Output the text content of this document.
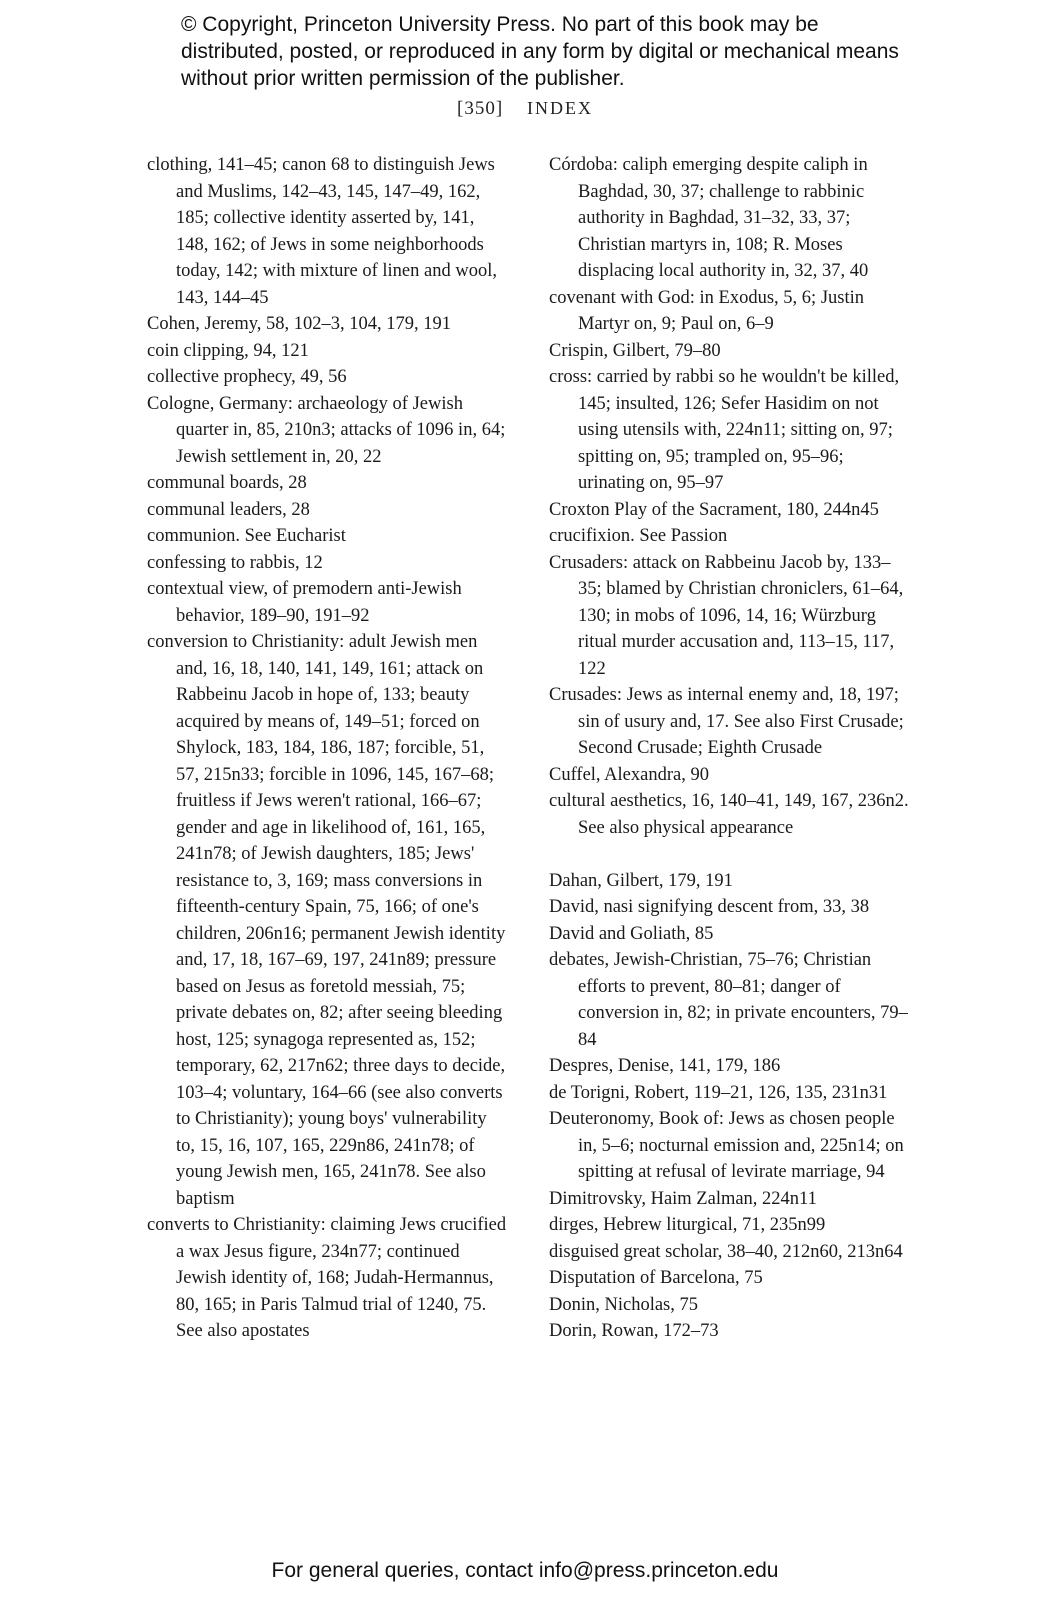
© Copyright, Princeton University Press. No part of this book may be distributed, posted, or reproduced in any form by digital or mechanical means without prior written permission of the publisher.
[350] INDEX

clothing, 141–45; canon 68 to distinguish Jews and Muslims, 142–43, 145, 147–49, 162, 185; collective identity asserted by, 141, 148, 162; of Jews in some neighborhoods today, 142; with mixture of linen and wool, 143, 144–45

Cohen, Jeremy, 58, 102–3, 104, 179, 191

coin clipping, 94, 121

collective prophecy, 49, 56

Cologne, Germany: archaeology of Jewish quarter in, 85, 210n3; attacks of 1096 in, 64; Jewish settlement in, 20, 22

communal boards, 28

communal leaders, 28

communion. See Eucharist

confessing to rabbis, 12

contextual view, of premodern anti-Jewish behavior, 189–90, 191–92

conversion to Christianity: adult Jewish men and, 16, 18, 140, 141, 149, 161; attack on Rabbeinu Jacob in hope of, 133; beauty acquired by means of, 149–51; forced on Shylock, 183, 184, 186, 187; forcible, 51, 57, 215n33; forcible in 1096, 145, 167–68; fruitless if Jews weren't rational, 166–67; gender and age in likelihood of, 161, 165, 241n78; of Jewish daughters, 185; Jews' resistance to, 3, 169; mass conversions in fifteenth-century Spain, 75, 166; of one's children, 206n16; permanent Jewish identity and, 17, 18, 167–69, 197, 241n89; pressure based on Jesus as foretold messiah, 75; private debates on, 82; after seeing bleeding host, 125; synagoga represented as, 152; temporary, 62, 217n62; three days to decide, 103–4; voluntary, 164–66 (see also converts to Christianity); young boys' vulnerability to, 15, 16, 107, 165, 229n86, 241n78; of young Jewish men, 165, 241n78. See also baptism

converts to Christianity: claiming Jews crucified a wax Jesus figure, 234n77; continued Jewish identity of, 168; Judah-Hermannus, 80, 165; in Paris Talmud trial of 1240, 75. See also apostates

Córdoba: caliph emerging despite caliph in Baghdad, 30, 37; challenge to rabbinic authority in Baghdad, 31–32, 33, 37; Christian martyrs in, 108; R. Moses displacing local authority in, 32, 37, 40

covenant with God: in Exodus, 5, 6; Justin Martyr on, 9; Paul on, 6–9

Crispin, Gilbert, 79–80

cross: carried by rabbi so he wouldn't be killed, 145; insulted, 126; Sefer Hasidim on not using utensils with, 224n11; sitting on, 97; spitting on, 95; trampled on, 95–96; urinating on, 95–97

Croxton Play of the Sacrament, 180, 244n45

crucifixion. See Passion

Crusaders: attack on Rabbeinu Jacob by, 133–35; blamed by Christian chroniclers, 61–64, 130; in mobs of 1096, 14, 16; Würzburg ritual murder accusation and, 113–15, 117, 122

Crusades: Jews as internal enemy and, 18, 197; sin of usury and, 17. See also First Crusade; Second Crusade; Eighth Crusade

Cuffel, Alexandra, 90

cultural aesthetics, 16, 140–41, 149, 167, 236n2. See also physical appearance

Dahan, Gilbert, 179, 191

David, nasi signifying descent from, 33, 38

David and Goliath, 85

debates, Jewish-Christian, 75–76; Christian efforts to prevent, 80–81; danger of conversion in, 82; in private encounters, 79–84

Despres, Denise, 141, 179, 186

de Torigni, Robert, 119–21, 126, 135, 231n31

Deuteronomy, Book of: Jews as chosen people in, 5–6; nocturnal emission and, 225n14; on spitting at refusal of levirate marriage, 94

Dimitrovsky, Haim Zalman, 224n11

dirges, Hebrew liturgical, 71, 235n99

disguised great scholar, 38–40, 212n60, 213n64

Disputation of Barcelona, 75

Donin, Nicholas, 75

Dorin, Rowan, 172–73

For general queries, contact info@press.princeton.edu
